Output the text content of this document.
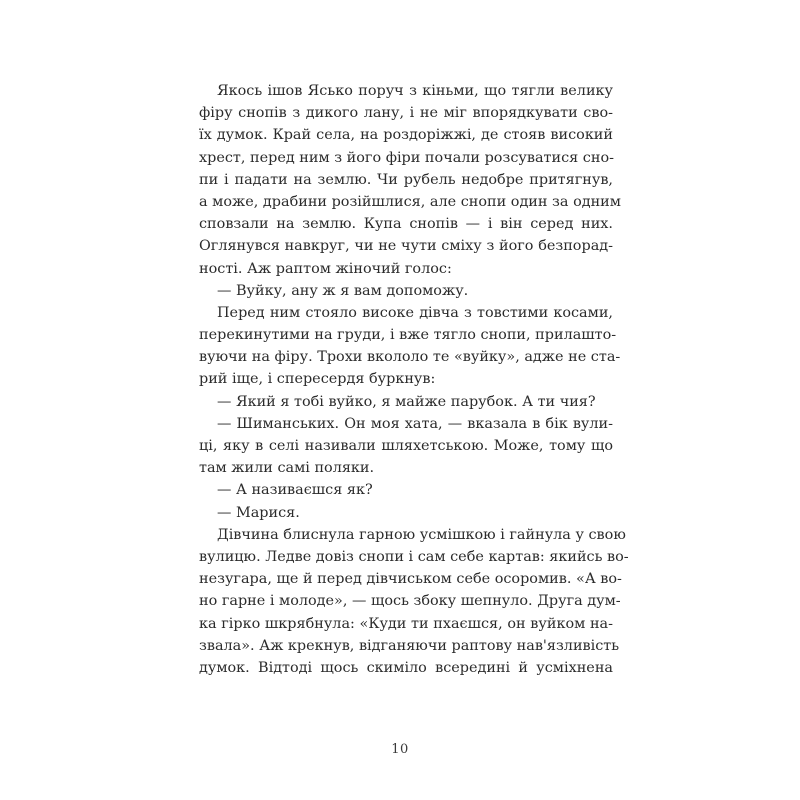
Якось ішов Ясько поруч з кіньми, що тягли велику
фіру снопів з дикого лану, і не міг впорядкувати сво-
їх думок. Край села, на роздоріжжі, де стояв високий
хрест, перед ним з його фіри почали розсуватися сно-
пи і падати на землю. Чи рубель недобре притягнув,
а може, драбини розійшлися, але снопи один за одним
сповзали на землю. Купа снопів — і він серед них.
Оглянувся навкруг, чи не чути сміху з його безпорад-
ності. Аж раптом жіночий голос:
— Вуйку, ану ж я вам допоможу.
Перед ним стояло високе дівча з товстими косами,
перекинутими на груди, і вже тягло снопи, прилашто-
вуючи на фіру. Трохи вкололо те «вуйку», адже не ста-
рий іще, і спересердя буркнув:
— Який я тобі вуйко, я майже парубок. А ти чия?
— Шиманських. Он моя хата, — вказала в бік вули-
ці, яку в селі називали шляхетською. Може, тому що
там жили самі поляки.
— А називаєшся як?
— Марися.
Дівчина блиснула гарною усмішкою і гайнула у свою
вулицю. Ледве довіз снопи і сам себе картав: якийсь во-
незугара, ще й перед дівчиськом себе осоромив. «А во-
но гарне і молоде», — щось збоку шепнуло. Друга дум-
ка гірко шкрябнула: «Куди ти пхаєшся, он вуйком на-
звала». Аж крекнув, відганяючи раптову нав'язливість
думок. Відтоді щось скиміло всередині й усміхнена
10
